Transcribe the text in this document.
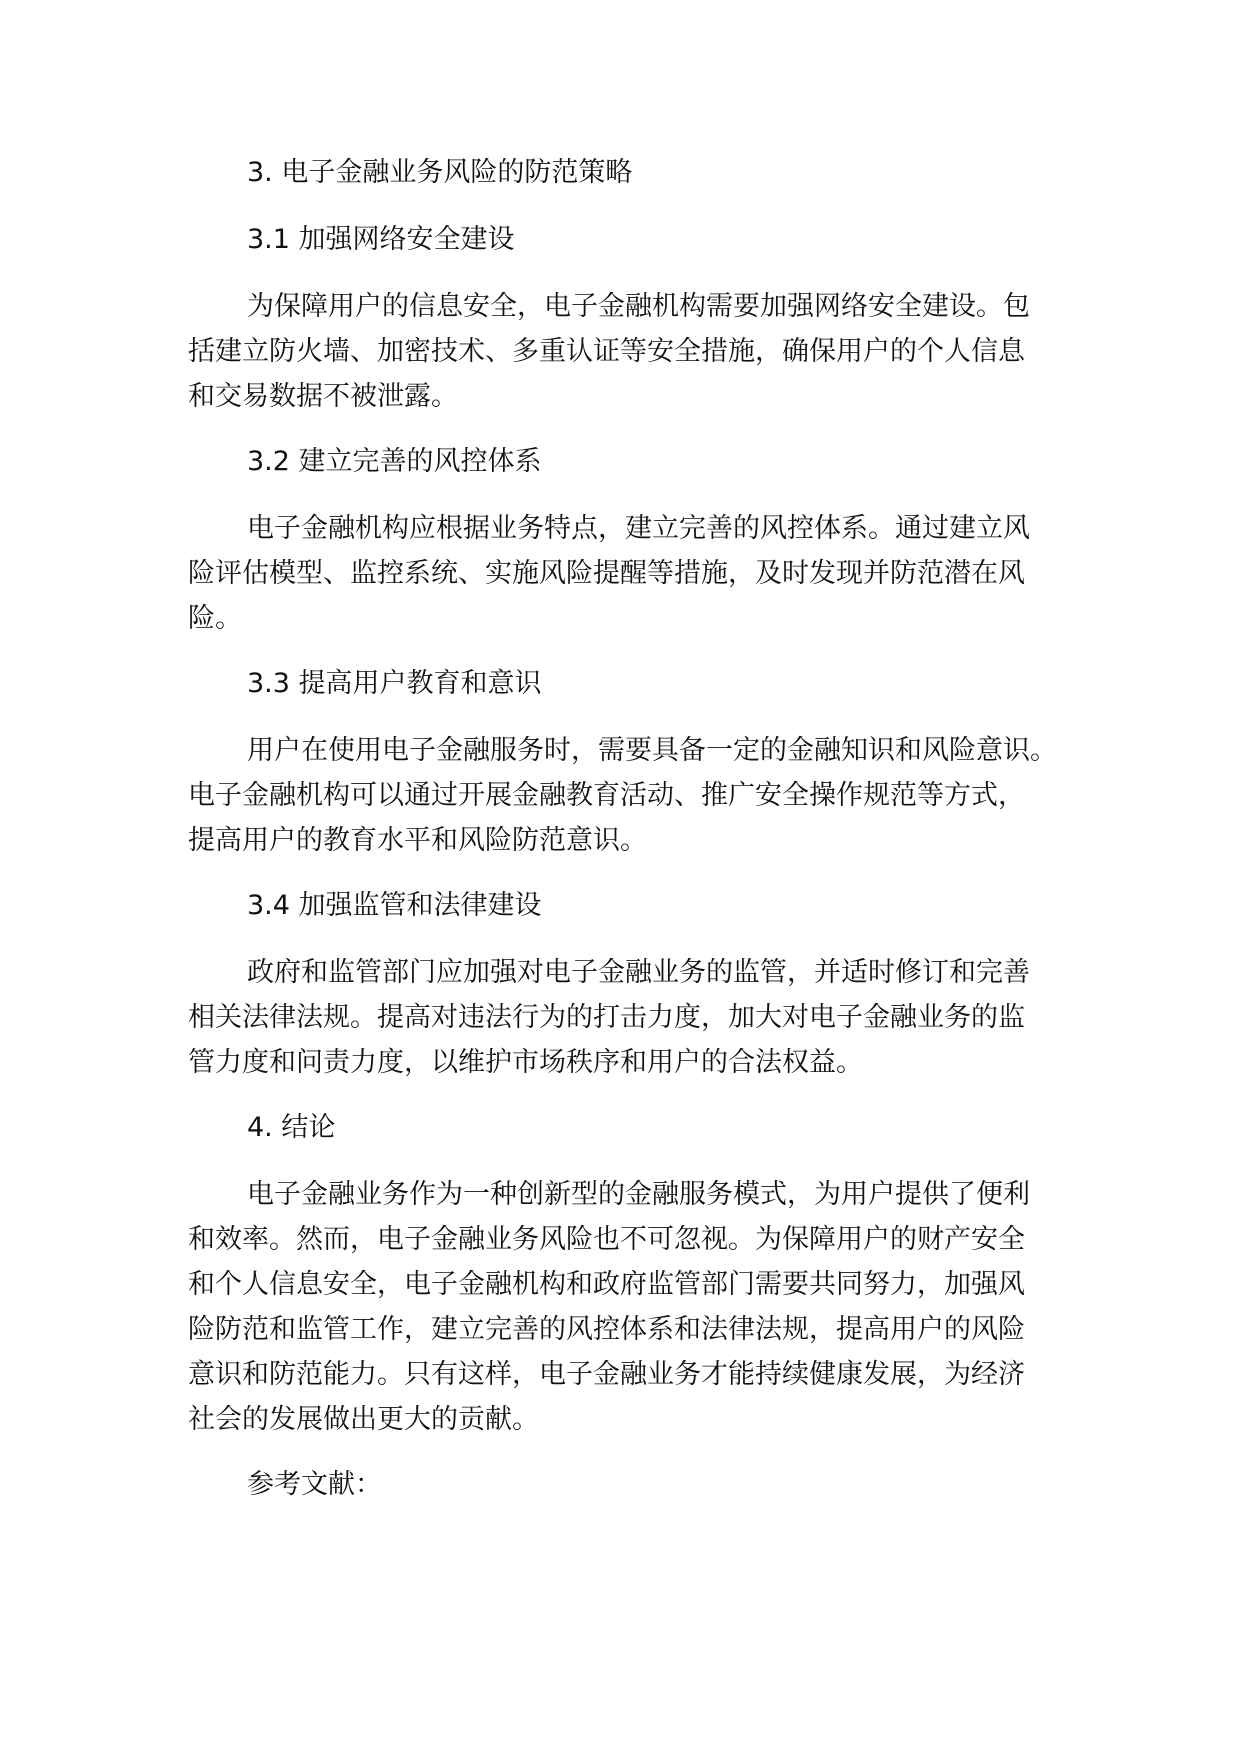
3. 电子金融业务风险的防范策略
3.1 加强网络安全建设
为保障用户的信息安全，电子金融机构需要加强网络安全建设。包
括建立防火墙、加密技术、多重认证等安全措施，确保用户的个人信息
和交易数据不被泄露。
3.2 建立完善的风控体系
电子金融机构应根据业务特点，建立完善的风控体系。通过建立风
险评估模型、监控系统、实施风险提醒等措施，及时发现并防范潜在风
险。
3.3 提高用户教育和意识
用户在使用电子金融服务时，需要具备一定的金融知识和风险意识。
电子金融机构可以通过开展金融教育活动、推广安全操作规范等方式，
提高用户的教育水平和风险防范意识。
3.4 加强监管和法律建设
政府和监管部门应加强对电子金融业务的监管，并适时修订和完善
相关法律法规。提高对违法行为的打击力度，加大对电子金融业务的监
管力度和问责力度，以维护市场秩序和用户的合法权益。
4. 结论
电子金融业务作为一种创新型的金融服务模式，为用户提供了便利
和效率。然而，电子金融业务风险也不可忽视。为保障用户的财产安全
和个人信息安全，电子金融机构和政府监管部门需要共同努力，加强风
险防范和监管工作，建立完善的风控体系和法律法规，提高用户的风险
意识和防范能力。只有这样，电子金融业务才能持续健康发展，为经济
社会的发展做出更大的贡献。
参考文献：
